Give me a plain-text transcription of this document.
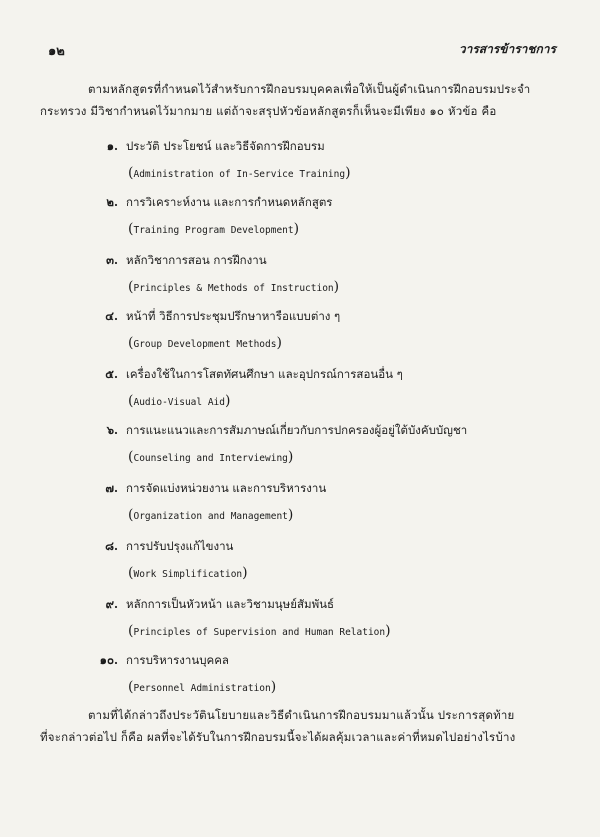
๑๒	วารสารข้าราชการ
ตามหลักสูตรที่กำหนดไว้สำหรับการฝึกอบรมบุคคลเพื่อให้เป็นผู้ดำเนินการฝึกอบรมประจำ
กระทรวง มีวิชากำหนดไว้มากมาย แต่ถ้าจะสรุปหัวข้อหลักสูตรก็เห็นจะมีเพียง ๑๐ หัวข้อ คือ
๑. ประวัติ ประโยชน์ และวิธีจัดการฝึกอบรม
(Administration of In-Service Training)
๒. การวิเคราะห์งาน และการกำหนดหลักสูตร
(Training Program Development)
๓. หลักวิชาการสอน การฝึกงาน
(Principles & Methods of Instruction)
๔. หน้าที่ วิธีการประชุมปรึกษาหารือแบบต่าง ๆ
(Group Development Methods)
๕. เครื่องใช้ในการโสตทัศนศึกษา และอุปกรณ์การสอนอื่น ๆ
(Audio-Visual Aid)
๖. การแนะแนวและการสัมภาษณ์เกี่ยวกับการปกครองผู้อยู่ใต้บังคับบัญชา
(Counseling and Interviewing)
๗. การจัดแบ่งหน่วยงาน และการบริหารงาน
(Organization and Management)
๘. การปรับปรุงแก้ไขงาน
(Work Simplification)
๙. หลักการเป็นหัวหน้า และวิชามนุษย์สัมพันธ์
(Principles of Supervision and Human Relation)
๑๐. การบริหารงานบุคคล
(Personnel Administration)
ตามที่ได้กล่าวถึงประวัตินโยบายและวิธีดำเนินการฝึกอบรมมาแล้วนั้น ประการสุดท้าย
ที่จะกล่าวต่อไป ก็คือ ผลที่จะได้รับในการฝึกอบรมนี้จะได้ผลคุ้มเวลาและค่าที่หมดไปอย่างไรบ้าง
